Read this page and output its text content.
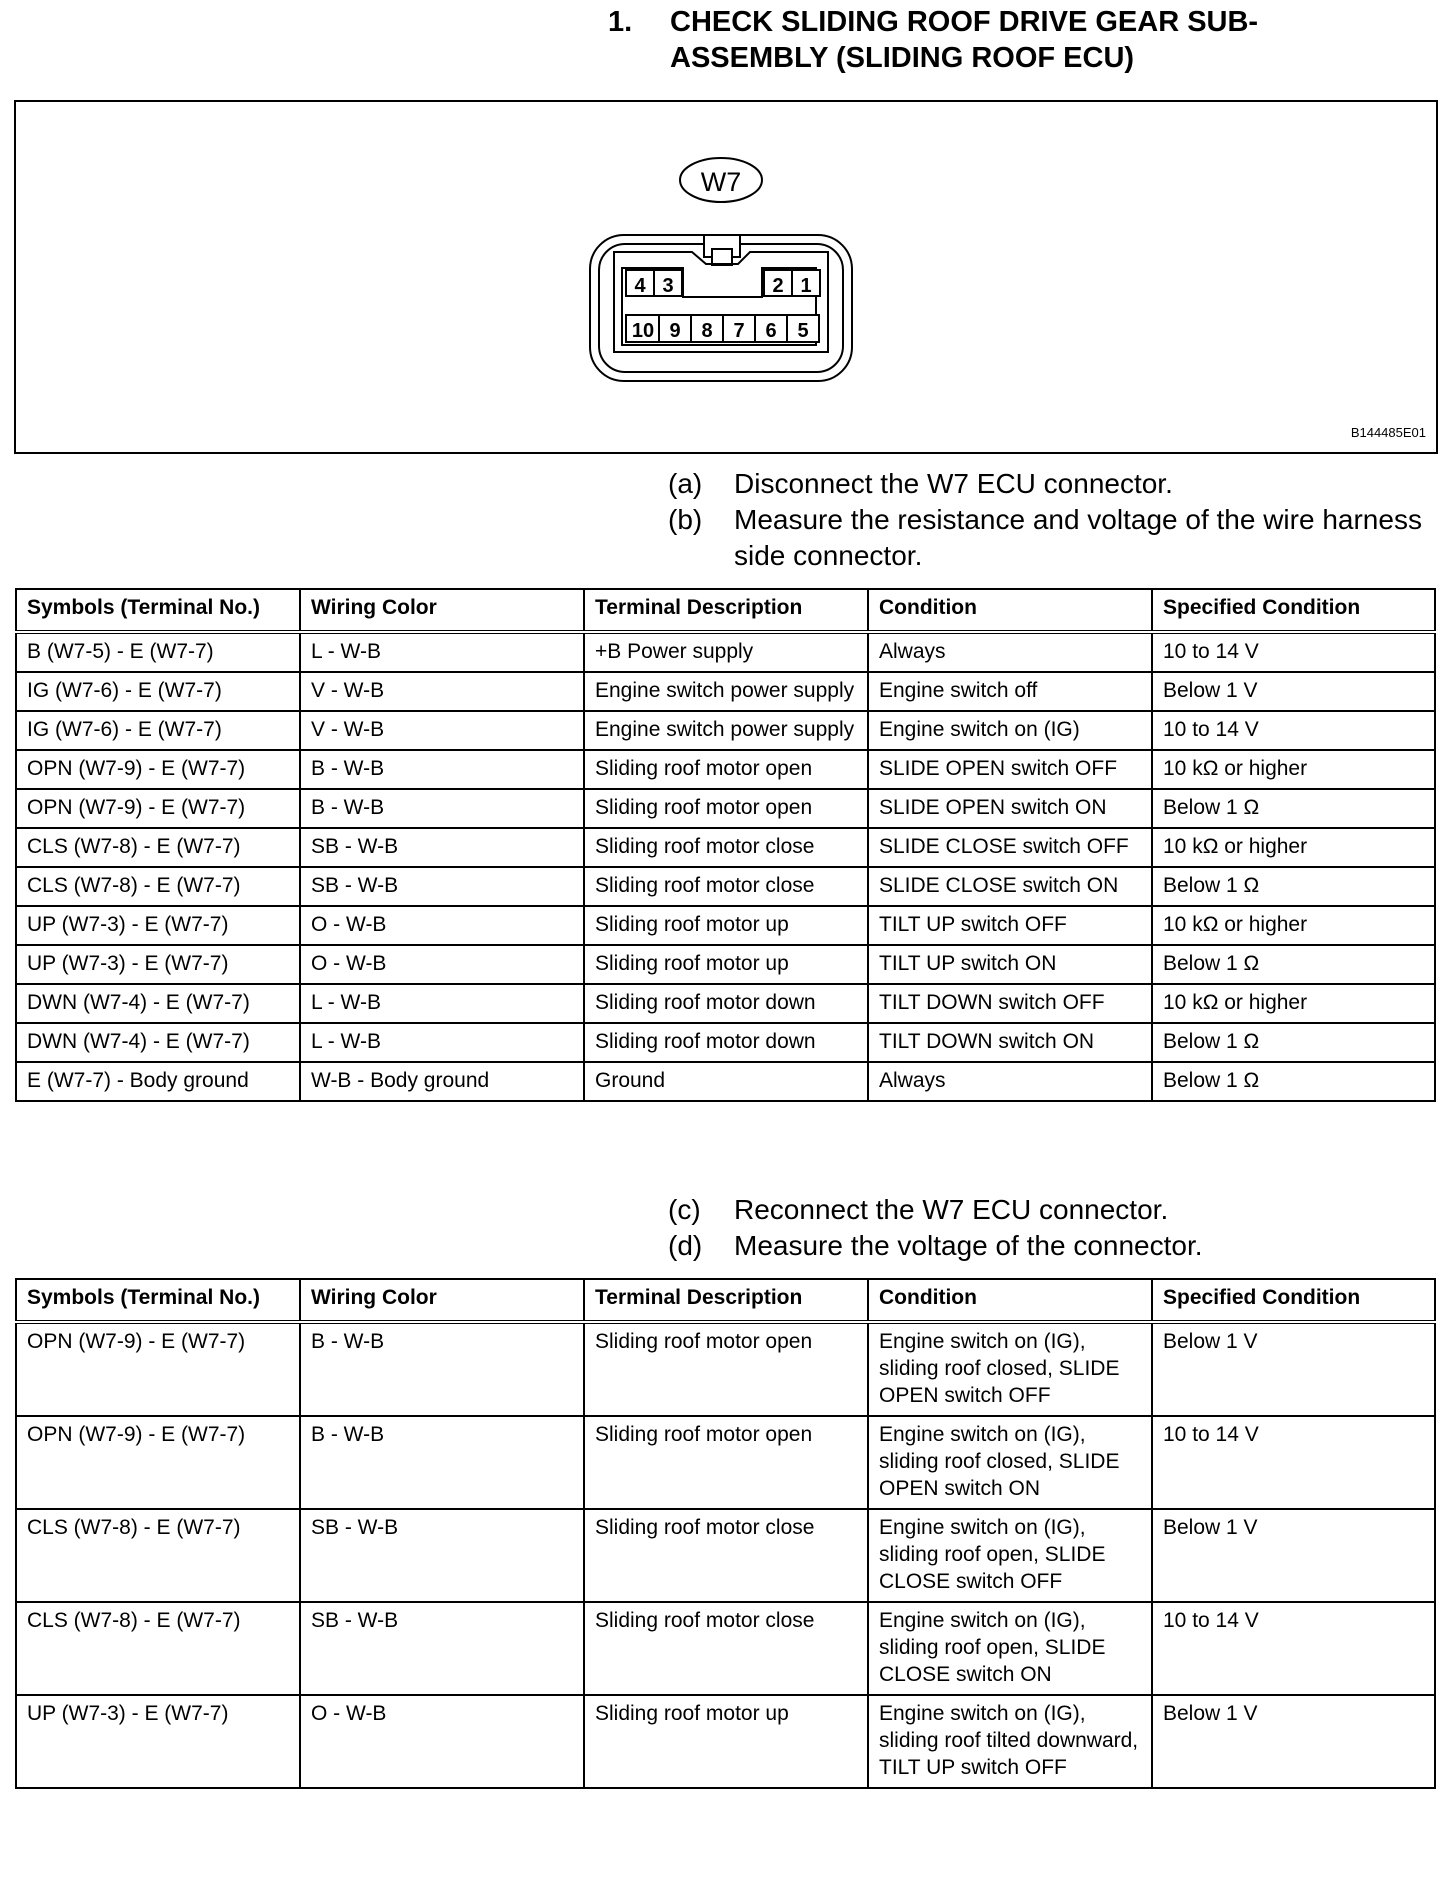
1. CHECK SLIDING ROOF DRIVE GEAR SUB-ASSEMBLY (SLIDING ROOF ECU)
W7
4 3	2 1
10 9 8 7 6 5
B144485E01
(a) Disconnect the W7 ECU connector.
(b) Measure the resistance and voltage of the wire harness side connector.
Symbols (Terminal No.)	Wiring Color	Terminal Description	Condition	Specified Condition
B (W7-5) - E (W7-7)	L - W-B	+B Power supply	Always	10 to 14 V
IG (W7-6) - E (W7-7)	V - W-B	Engine switch power supply	Engine switch off	Below 1 V
IG (W7-6) - E (W7-7)	V - W-B	Engine switch power supply	Engine switch on (IG)	10 to 14 V
OPN (W7-9) - E (W7-7)	B - W-B	Sliding roof motor open	SLIDE OPEN switch OFF	10 kΩ or higher
OPN (W7-9) - E (W7-7)	B - W-B	Sliding roof motor open	SLIDE OPEN switch ON	Below 1 Ω
CLS (W7-8) - E (W7-7)	SB - W-B	Sliding roof motor close	SLIDE CLOSE switch OFF	10 kΩ or higher
CLS (W7-8) - E (W7-7)	SB - W-B	Sliding roof motor close	SLIDE CLOSE switch ON	Below 1 Ω
UP (W7-3) - E (W7-7)	O - W-B	Sliding roof motor up	TILT UP switch OFF	10 kΩ or higher
UP (W7-3) - E (W7-7)	O - W-B	Sliding roof motor up	TILT UP switch ON	Below 1 Ω
DWN (W7-4) - E (W7-7)	L - W-B	Sliding roof motor down	TILT DOWN switch OFF	10 kΩ or higher
DWN (W7-4) - E (W7-7)	L - W-B	Sliding roof motor down	TILT DOWN switch ON	Below 1 Ω
E (W7-7) - Body ground	W-B - Body ground	Ground	Always	Below 1 Ω
(c) Reconnect the W7 ECU connector.
(d) Measure the voltage of the connector.
Symbols (Terminal No.)	Wiring Color	Terminal Description	Condition	Specified Condition
OPN (W7-9) - E (W7-7)	B - W-B	Sliding roof motor open	Engine switch on (IG), sliding roof closed, SLIDE OPEN switch OFF	Below 1 V
OPN (W7-9) - E (W7-7)	B - W-B	Sliding roof motor open	Engine switch on (IG), sliding roof closed, SLIDE OPEN switch ON	10 to 14 V
CLS (W7-8) - E (W7-7)	SB - W-B	Sliding roof motor close	Engine switch on (IG), sliding roof open, SLIDE CLOSE switch OFF	Below 1 V
CLS (W7-8) - E (W7-7)	SB - W-B	Sliding roof motor close	Engine switch on (IG), sliding roof open, SLIDE CLOSE switch ON	10 to 14 V
UP (W7-3) - E (W7-7)	O - W-B	Sliding roof motor up	Engine switch on (IG), sliding roof tilted downward, TILT UP switch OFF	Below 1 V
